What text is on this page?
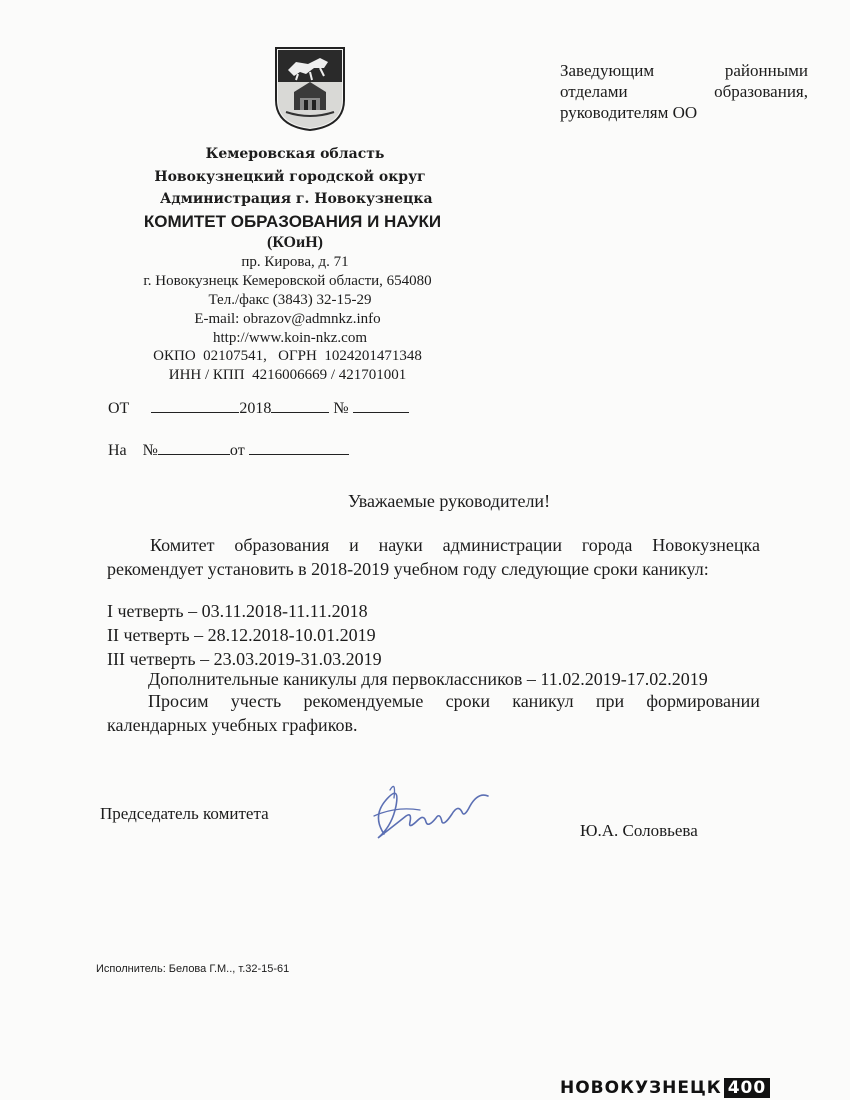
Кемеровская область
Новокузнецкий городской округ
Администрация г. Новокузнецка
КОМИТЕТ ОБРАЗОВАНИЯ И НАУКИ
(КОиН)
пр. Кирова, д. 71
г. Новокузнецк Кемеровской области, 654080
Тел./факс (3843) 32-15-29
E-mail: obrazov@admnkz.info
http://www.koin-nkz.com
ОКПО  02107541,   ОГРН  1024201471348
ИНН / КПП  4216006669 / 421701001
Заведующим	районными
отделами	образования,
руководителям ОО
ОТ	2018	№
На №	от
Уважаемые руководители!
Комитет образования и науки администрации города Новокузнецка
рекомендует установить в 2018-2019 учебном году следующие сроки каникул:
I четверть – 03.11.2018-11.11.2018
II четверть – 28.12.2018-10.01.2019
III четверть – 23.03.2019-31.03.2019
Дополнительные каникулы для первоклассников – 11.02.2019-17.02.2019
Просим учесть рекомендуемые сроки каникул при формировании
календарных учебных графиков.
Председатель комитета
Ю.А. Соловьева
Исполнитель: Белова Г.М.., т.32-15-61
НОВОКУЗНЕЦК 400
